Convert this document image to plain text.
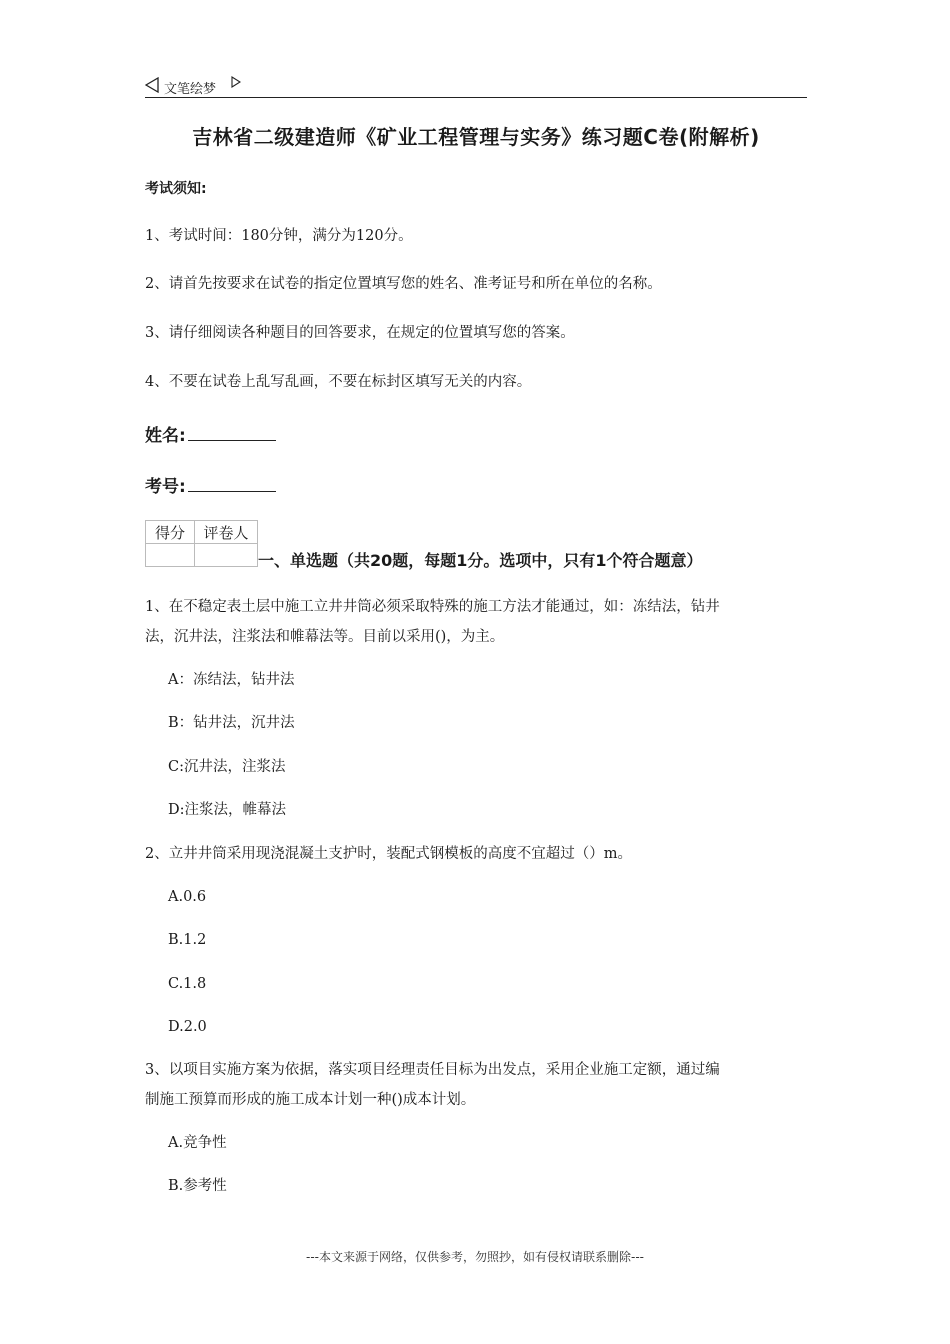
文笔绘梦
吉林省二级建造师《矿业工程管理与实务》练习题C卷(附解析)
考试须知:
1、考试时间：180分钟，满分为120分。
2、请首先按要求在试卷的指定位置填写您的姓名、准考证号和所在单位的名称。
3、请仔细阅读各种题目的回答要求，在规定的位置填写您的答案。
4、不要在试卷上乱写乱画，不要在标封区填写无关的内容。
姓名:
考号:
得分	评卷人

一、单选题（共20题，每题1分。选项中，只有1个符合题意）
1、在不稳定表土层中施工立井井筒必须采取特殊的施工方法才能通过，如：冻结法，钻井
法，沉井法，注浆法和帷幕法等。目前以采用()，为主。
A：冻结法，钻井法
B：钻井法，沉井法
C:沉井法，注浆法
D:注浆法，帷幕法
2、立井井筒采用现浇混凝土支护时，装配式钢模板的高度不宜超过（）m。
A.0.6
B.1.2
C.1.8
D.2.0
3、以项目实施方案为依据，落实项目经理责任目标为出发点，采用企业施工定额，通过编
制施工预算而形成的施工成本计划一种()成本计划。
A.竞争性
B.参考性
---本文来源于网络，仅供参考，勿照抄，如有侵权请联系删除---
